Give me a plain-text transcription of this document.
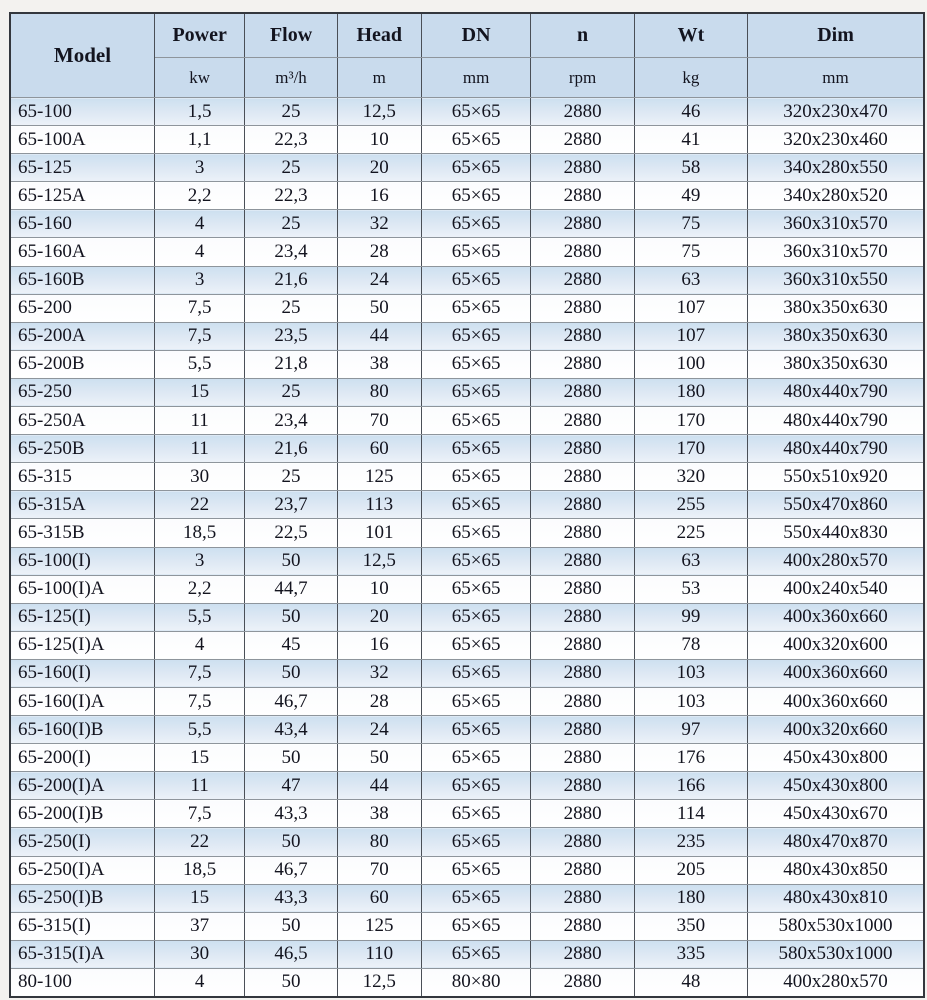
Model	Power	Flow	Head	DN	n	Wt	Dim
	kw	m³/h	m	mm	rpm	kg	mm
65-100	1,5	25	12,5	65×65	2880	46	320x230x470
65-100A	1,1	22,3	10	65×65	2880	41	320x230x460
65-125	3	25	20	65×65	2880	58	340x280x550
65-125A	2,2	22,3	16	65×65	2880	49	340x280x520
65-160	4	25	32	65×65	2880	75	360x310x570
65-160A	4	23,4	28	65×65	2880	75	360x310x570
65-160B	3	21,6	24	65×65	2880	63	360x310x550
65-200	7,5	25	50	65×65	2880	107	380x350x630
65-200A	7,5	23,5	44	65×65	2880	107	380x350x630
65-200B	5,5	21,8	38	65×65	2880	100	380x350x630
65-250	15	25	80	65×65	2880	180	480x440x790
65-250A	11	23,4	70	65×65	2880	170	480x440x790
65-250B	11	21,6	60	65×65	2880	170	480x440x790
65-315	30	25	125	65×65	2880	320	550x510x920
65-315A	22	23,7	113	65×65	2880	255	550x470x860
65-315B	18,5	22,5	101	65×65	2880	225	550x440x830
65-100(I)	3	50	12,5	65×65	2880	63	400x280x570
65-100(I)A	2,2	44,7	10	65×65	2880	53	400x240x540
65-125(I)	5,5	50	20	65×65	2880	99	400x360x660
65-125(I)A	4	45	16	65×65	2880	78	400x320x600
65-160(I)	7,5	50	32	65×65	2880	103	400x360x660
65-160(I)A	7,5	46,7	28	65×65	2880	103	400x360x660
65-160(I)B	5,5	43,4	24	65×65	2880	97	400x320x660
65-200(I)	15	50	50	65×65	2880	176	450x430x800
65-200(I)A	11	47	44	65×65	2880	166	450x430x800
65-200(I)B	7,5	43,3	38	65×65	2880	114	450x430x670
65-250(I)	22	50	80	65×65	2880	235	480x470x870
65-250(I)A	18,5	46,7	70	65×65	2880	205	480x430x850
65-250(I)B	15	43,3	60	65×65	2880	180	480x430x810
65-315(I)	37	50	125	65×65	2880	350	580x530x1000
65-315(I)A	30	46,5	110	65×65	2880	335	580x530x1000
80-100	4	50	12,5	80×80	2880	48	400x280x570
